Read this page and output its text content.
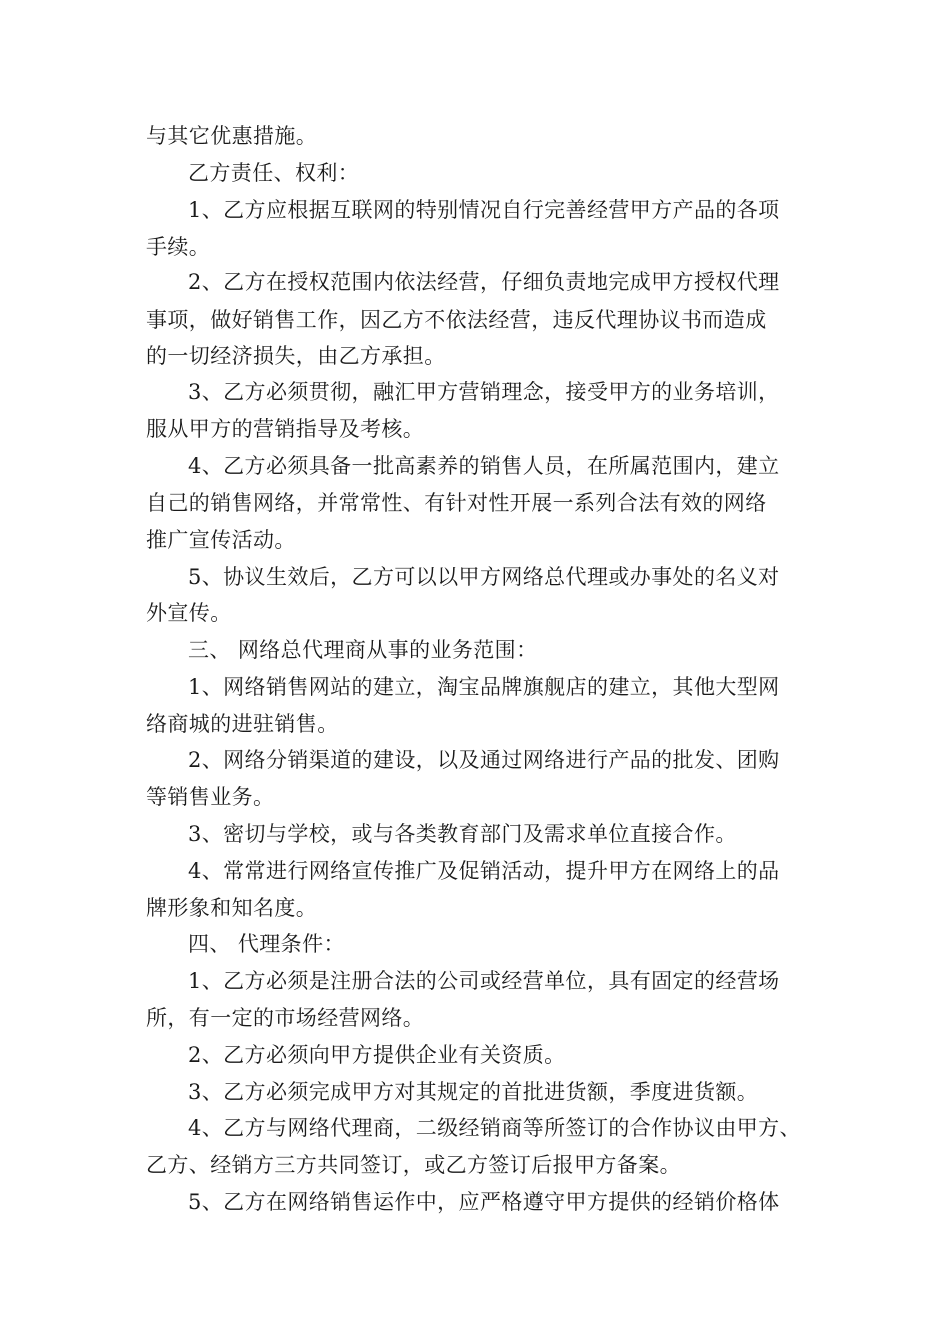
与其它优惠措施。
乙方责任、权利：
1、乙方应根据互联网的特别情况自行完善经营甲方产品的各项
手续。
2、乙方在授权范围内依法经营，仔细负责地完成甲方授权代理
事项，做好销售工作，因乙方不依法经营，违反代理协议书而造成
的一切经济损失，由乙方承担。
3、乙方必须贯彻，融汇甲方营销理念，接受甲方的业务培训，
服从甲方的营销指导及考核。
4、乙方必须具备一批高素养的销售人员，在所属范围内，建立
自己的销售网络，并常常性、有针对性开展一系列合法有效的网络
推广宣传活动。
5、协议生效后，乙方可以以甲方网络总代理或办事处的名义对
外宣传。
三、 网络总代理商从事的业务范围：
1、网络销售网站的建立，淘宝品牌旗舰店的建立，其他大型网
络商城的进驻销售。
2、网络分销渠道的建设，以及通过网络进行产品的批发、团购
等销售业务。
3、密切与学校，或与各类教育部门及需求单位直接合作。
4、常常进行网络宣传推广及促销活动，提升甲方在网络上的品
牌形象和知名度。
四、 代理条件：
1、乙方必须是注册合法的公司或经营单位，具有固定的经营场
所，有一定的市场经营网络。
2、乙方必须向甲方提供企业有关资质。
3、乙方必须完成甲方对其规定的首批进货额，季度进货额。
4、乙方与网络代理商，二级经销商等所签订的合作协议由甲方、
乙方、经销方三方共同签订，或乙方签订后报甲方备案。
5、乙方在网络销售运作中，应严格遵守甲方提供的经销价格体
